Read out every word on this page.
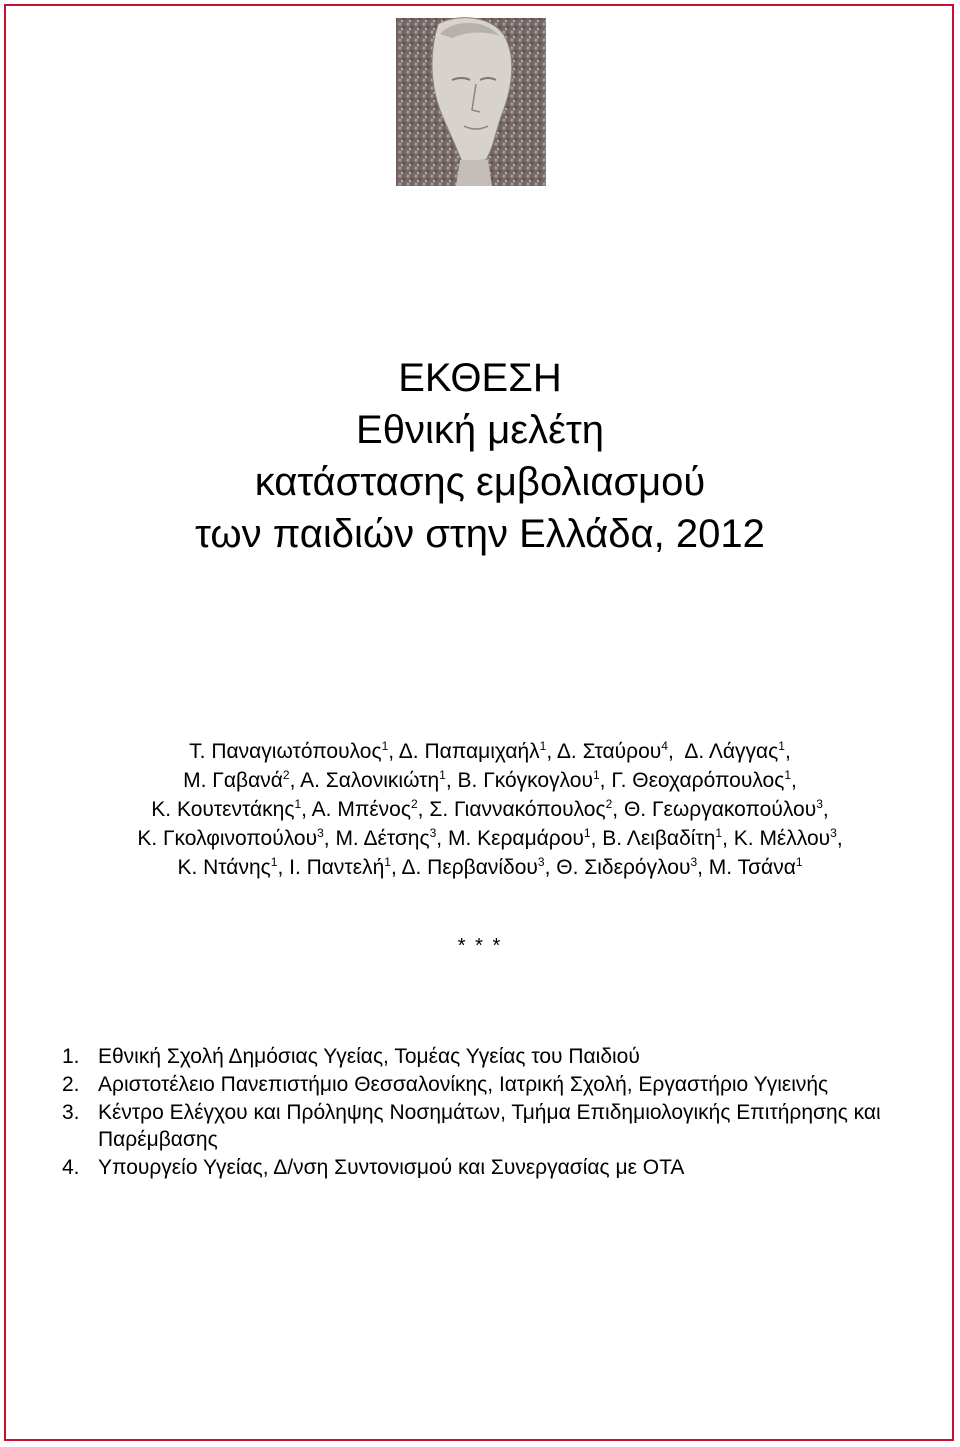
ΕΚΘΕΣΗ
Εθνική μελέτη
κατάστασης εμβολιασμού
των παιδιών στην Ελλάδα, 2012
Τ. Παναγιωτόπουλος$^1$, Δ. Παπαμιχαήλ$^1$, Δ. Σταύρου$^4$,  Δ. Λάγγας$^1$,
Μ. Γαβανά$^2$, Α. Σαλονικιώτη$^1$, Β. Γκόγκογλου$^1$, Γ. Θεοχαρόπουλος$^1$,
Κ. Κουτεντάκης$^1$, Α. Μπένος$^2$, Σ. Γιαννακόπουλος$^2$, Θ. Γεωργακοπούλου$^3$,
Κ. Γκολφινοπούλου$^3$, Μ. Δέτσης$^3$, Μ. Κεραμάρου$^1$, Β. Λειβαδίτη$^1$, Κ. Μέλλου$^3$,
Κ. Ντάνης$^1$, Ι. Παντελή$^1$, Δ. Περβανίδου$^3$, Θ. Σιδερόγλου$^3$, Μ. Τσάνα$^1$
* * *
1. Εθνική Σχολή Δημόσιας Υγείας, Τομέας Υγείας του Παιδιού
2. Αριστοτέλειο Πανεπιστήμιο Θεσσαλονίκης, Ιατρική Σχολή, Εργαστήριο Υγιεινής
3. Κέντρο Ελέγχου και Πρόληψης Νοσημάτων, Τμήμα Επιδημιολογικής Επιτήρησης και Παρέμβασης
4. Υπουργείο Υγείας, Δ/νση Συντονισμού και Συνεργασίας με ΟΤΑ
